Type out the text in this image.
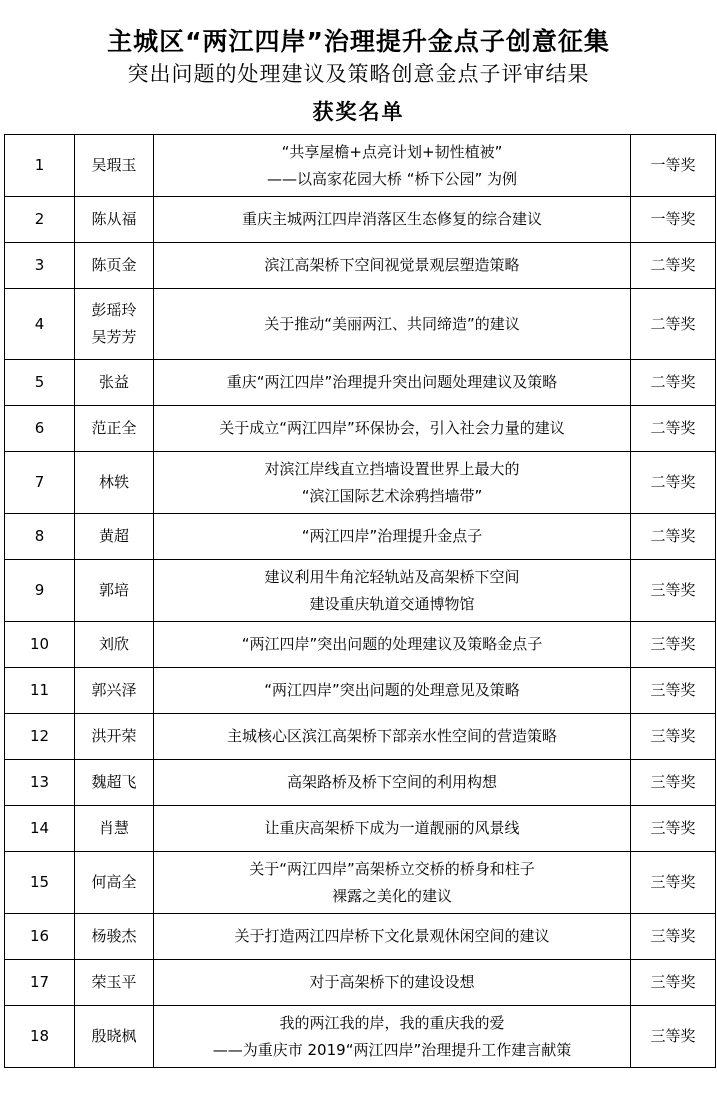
主城区“两江四岸”治理提升金点子创意征集
突出问题的处理建议及策略创意金点子评审结果
获奖名单
1	吴瑕玉	“共享屋檐+点亮计划+韧性植被”
——以高家花园大桥 “桥下公园” 为例	一等奖
2	陈从福	重庆主城两江四岸消落区生态修复的综合建议	一等奖
3	陈页金	滨江高架桥下空间视觉景观层塑造策略	二等奖
4	彭瑶玲
吴芳芳	关于推动“美丽两江、共同缔造”的建议	二等奖
5	张益	重庆“两江四岸”治理提升突出问题处理建议及策略	二等奖
6	范正全	关于成立“两江四岸”环保协会，引入社会力量的建议	二等奖
7	林轶	对滨江岸线直立挡墙设置世界上最大的
“滨江国际艺术涂鸦挡墙带”	二等奖
8	黄超	“两江四岸”治理提升金点子	二等奖
9	郭培	建议利用牛角沱轻轨站及高架桥下空间
建设重庆轨道交通博物馆	三等奖
10	刘欣	“两江四岸”突出问题的处理建议及策略金点子	三等奖
11	郭兴泽	“两江四岸”突出问题的处理意见及策略	三等奖
12	洪开荣	主城核心区滨江高架桥下部亲水性空间的营造策略	三等奖
13	魏超飞	高架路桥及桥下空间的利用构想	三等奖
14	肖慧	让重庆高架桥下成为一道靓丽的风景线	三等奖
15	何高全	关于“两江四岸”高架桥立交桥的桥身和柱子
裸露之美化的建议	三等奖
16	杨骏杰	关于打造两江四岸桥下文化景观休闲空间的建议	三等奖
17	荣玉平	对于高架桥下的建设设想	三等奖
18	殷晓枫	我的两江我的岸，我的重庆我的爱
——为重庆市 2019“两江四岸”治理提升工作建言献策	三等奖
